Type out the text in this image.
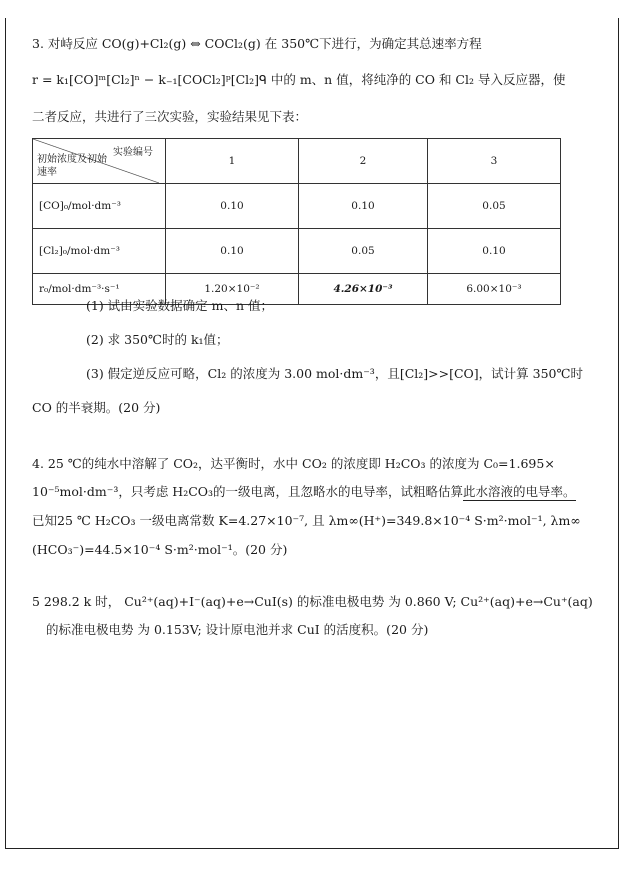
3. 对峙反应 CO(g)+Cl₂(g) ⇔ COCl₂(g) 在 350℃下进行，为确定其总速率方程
r = k₁[CO]ᵐ[Cl₂]ⁿ − k₋₁[COCl₂]ᵖ[Cl₂]ᑫ 中的 m、n 值，将纯净的 CO 和 Cl₂ 导入反应器，使
二者反应，共进行了三次实验，实验结果见下表：
实验编号
初始浓度及初始速率	1	2	3
[CO]₀/mol·dm⁻³	0.10	0.10	0.05
[Cl₂]₀/mol·dm⁻³	0.10	0.05	0.10
r₀/mol·dm⁻³·s⁻¹	1.20×10⁻²	4.26×10⁻³	6.00×10⁻³
(1) 试由实验数据确定 m、n 值；
(2) 求 350℃时的 k₁值；
(3) 假定逆反应可略，Cl₂ 的浓度为 3.00 mol·dm⁻³，且[Cl₂]>>[CO]，试计算 350℃时
CO 的半衰期。(20 分)
4. 25 ℃的纯水中溶解了 CO₂，达平衡时，水中 CO₂ 的浓度即 H₂CO₃ 的浓度为 C₀=1.695×
10⁻⁵mol·dm⁻³，只考虑 H₂CO₃的一级电离，且忽略水的电导率，试粗略估算此水溶液的电导率。
已知25 ℃ H₂CO₃ 一级电离常数 K=4.27×10⁻⁷, 且 λm∞(H⁺)=349.8×10⁻⁴ S·m²·mol⁻¹, λm∞
(HCO₃⁻)=44.5×10⁻⁴ S·m²·mol⁻¹。(20 分)
5 298.2 k 时， Cu²⁺(aq)+I⁻(aq)+e→CuI(s) 的标准电极电势 为 0.860 V; Cu²⁺(aq)+e→Cu⁺(aq)
的标准电极电势 为 0.153V; 设计原电池并求 CuI 的活度积。(20 分)
